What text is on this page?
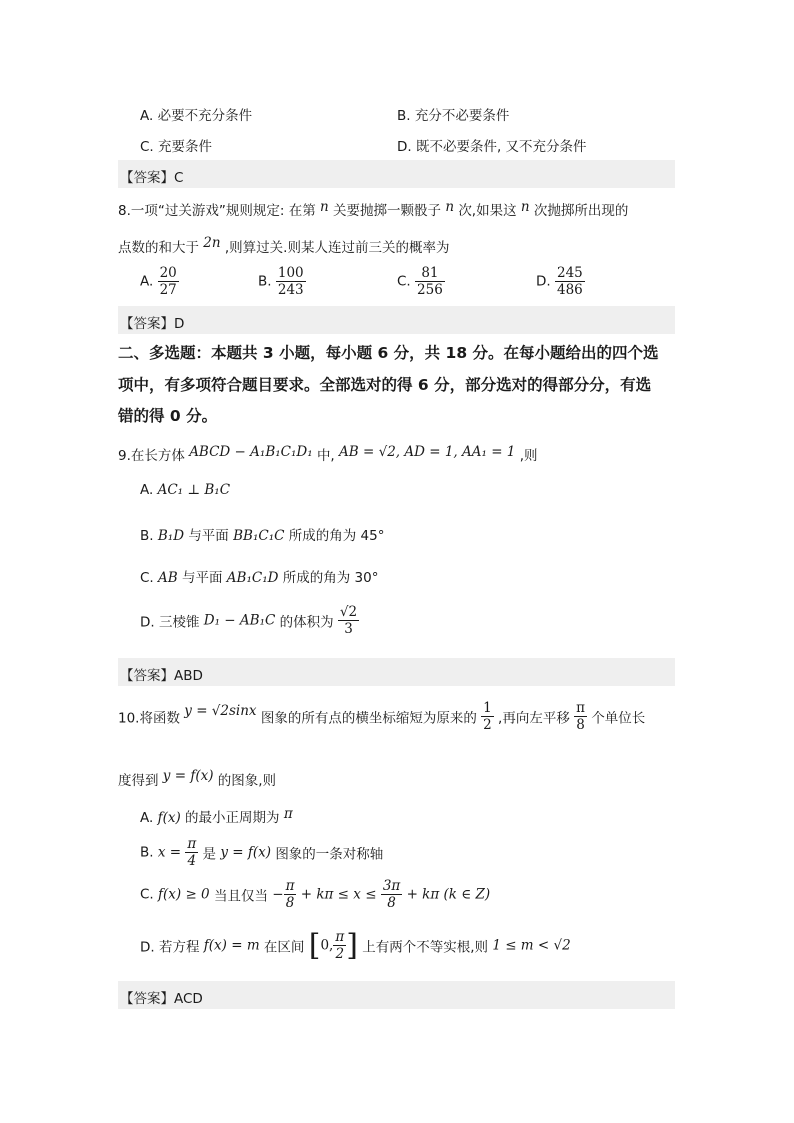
A. 必要不充分条件	B. 充分不必要条件
C. 充要条件	D. 既不必要条件, 又不充分条件
【答案】C
8.一项“过关游戏”规则规定: 在第 n 关要抛掷一颗骰子 n 次,如果这 n 次抛掷所出现的
点数的和大于 2n ,则算过关.则某人连过前三关的概率为
A. $\frac{20}{27}$	B. $\frac{100}{243}$	C. $\frac{81}{256}$	D. $\frac{245}{486}$
【答案】D
二、多选题：本题共 3 小题，每小题 6 分，共 18 分。在每小题给出的四个选
项中，有多项符合题目要求。全部选对的得 6 分，部分选对的得部分分，有选
错的得 0 分。
9.在长方体 ABCD − A₁B₁C₁D₁ 中, AB = √2, AD = 1, AA₁ = 1 ,则
A. AC₁ ⊥ B₁C
B. B₁D 与平面 BB₁C₁C 所成的角为 45°
C. AB 与平面 AB₁C₁D 所成的角为 30°
D. 三棱锥 D₁ − AB₁C 的体积为 $\frac{√2}{3}$
【答案】ABD
10.将函数 y = √2sinx 图象的所有点的横坐标缩短为原来的 $\frac{1}{2}$ ,再向左平移 $\frac{\pi}{8}$ 个单位长
度得到 y = f(x) 的图象,则
A. f(x) 的最小正周期为 π
B. $x = \frac{\pi}{4}$ 是 y = f(x) 图象的一条对称轴
C. f(x) ≥ 0 当且仅当 − $\frac{\pi}{8} + k\pi \le x \le \frac{3\pi}{8} + k\pi$ (k ∈ Z)
D. 若方程 f(x) = m 在区间 [0, $\frac{\pi}{2}$ ] 上有两个不等实根,则 1 ≤ m < √2
【答案】ACD
